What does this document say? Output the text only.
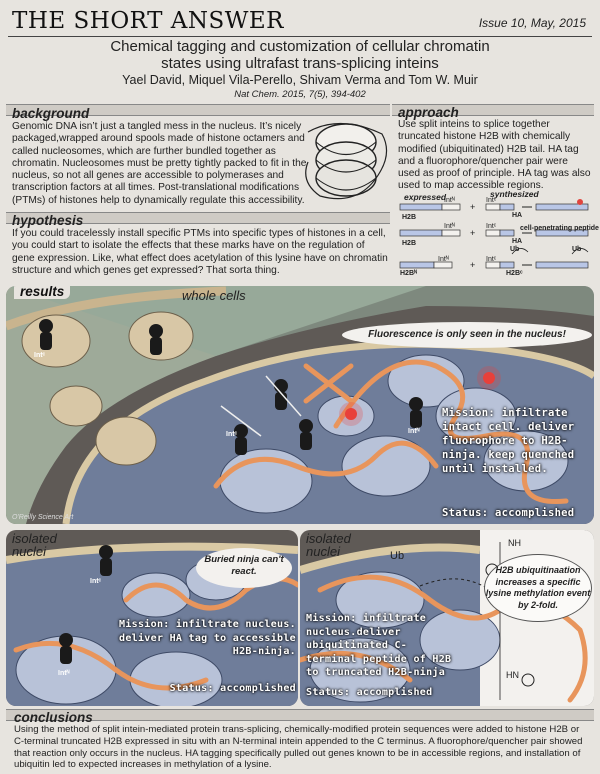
THE SHORT ANSWER	Issue 10, May, 2015
Chemical tagging and customization of cellular chromatin states using ultrafast trans-splicing inteins
Yael David, Miquel Vila-Perello, Shivam Verma and Tom W. Muir
Nat Chem. 2015, 7(5), 394-402
background
Genomic DNA isn’t just a tangled mess in the nucleus. It’s nicely packaged,wrapped around spools made of histone octamers and called nucleosomes, which are further bundled together as chromatin. Nucleosomes must be pretty tightly packed to fit in the nucleus, so not all genes are accessible to polymerases and transcription factors at all times. Post-translational modifications (PTMs) of histones help to dynamically regulate this accessibility.
hypothesis
If you could tracelessly install specific PTMs into specific types of histones in a cell, you could start to isolate the effects that these marks have on the regulation of gene expression. Like, what effect does acetylation of this lysine have on chromatin structure and which genes get expressed? That sorta thing.
approach
Use split inteins to splice together truncated histone H2B with chemically modified (ubiquitinated) H2B tail. HA tag and a fluorophore/quencher pair were used as proof of principle. HA tag was also used to map accessible regions.
expressed	synthesized
H2B
Intᴺ
+
Intᶜ
HA
H2B
Intᴺ
+
Intᶜ
HA
cell-penetrating peptide
H2Bᴺ
Intᴺ
+
Intᶜ
H2Bᶜ
Ub	Ub
results	whole cells
Fluorescence is only seen in the nucleus!
Mission: infiltrate intact cell. deliver fluorophore to H2B-ninja. keep quenched until installed.
Status: accomplished
O'Reilly Science Art
Intᶜ
Intᶜ	Intᴺ
isolated nuclei
Buried ninja can't react.
Mission: infiltrate nucleus. deliver HA tag to accessible H2B-ninja.
Status: accomplished
Intᶜ
Intᴺ
isolated nuclei
H2B ubiquitinaation increases a specific lysine methylation event by 2-fold.
Mission: infiltrate nucleus.deliver ubiquitinated C-terminal peptide of H2B to truncated H2B-ninja
Status: accomplished
Ub
NH
HN
conclusions
Using the method of split intein-mediated protein trans-splicing, chemically-modified protein sequences were added to histone H2B or C-terminal truncated H2B expressed in situ with an N-terminal intein appended to the C terminus. A fluorophore/quencher pair showed that reaction only occurs in the nucleus. HA tagging specifically pulled out genes known to be in accessible regions, and installation of ubiquitin led to expected increases in methylation of a lysine.
